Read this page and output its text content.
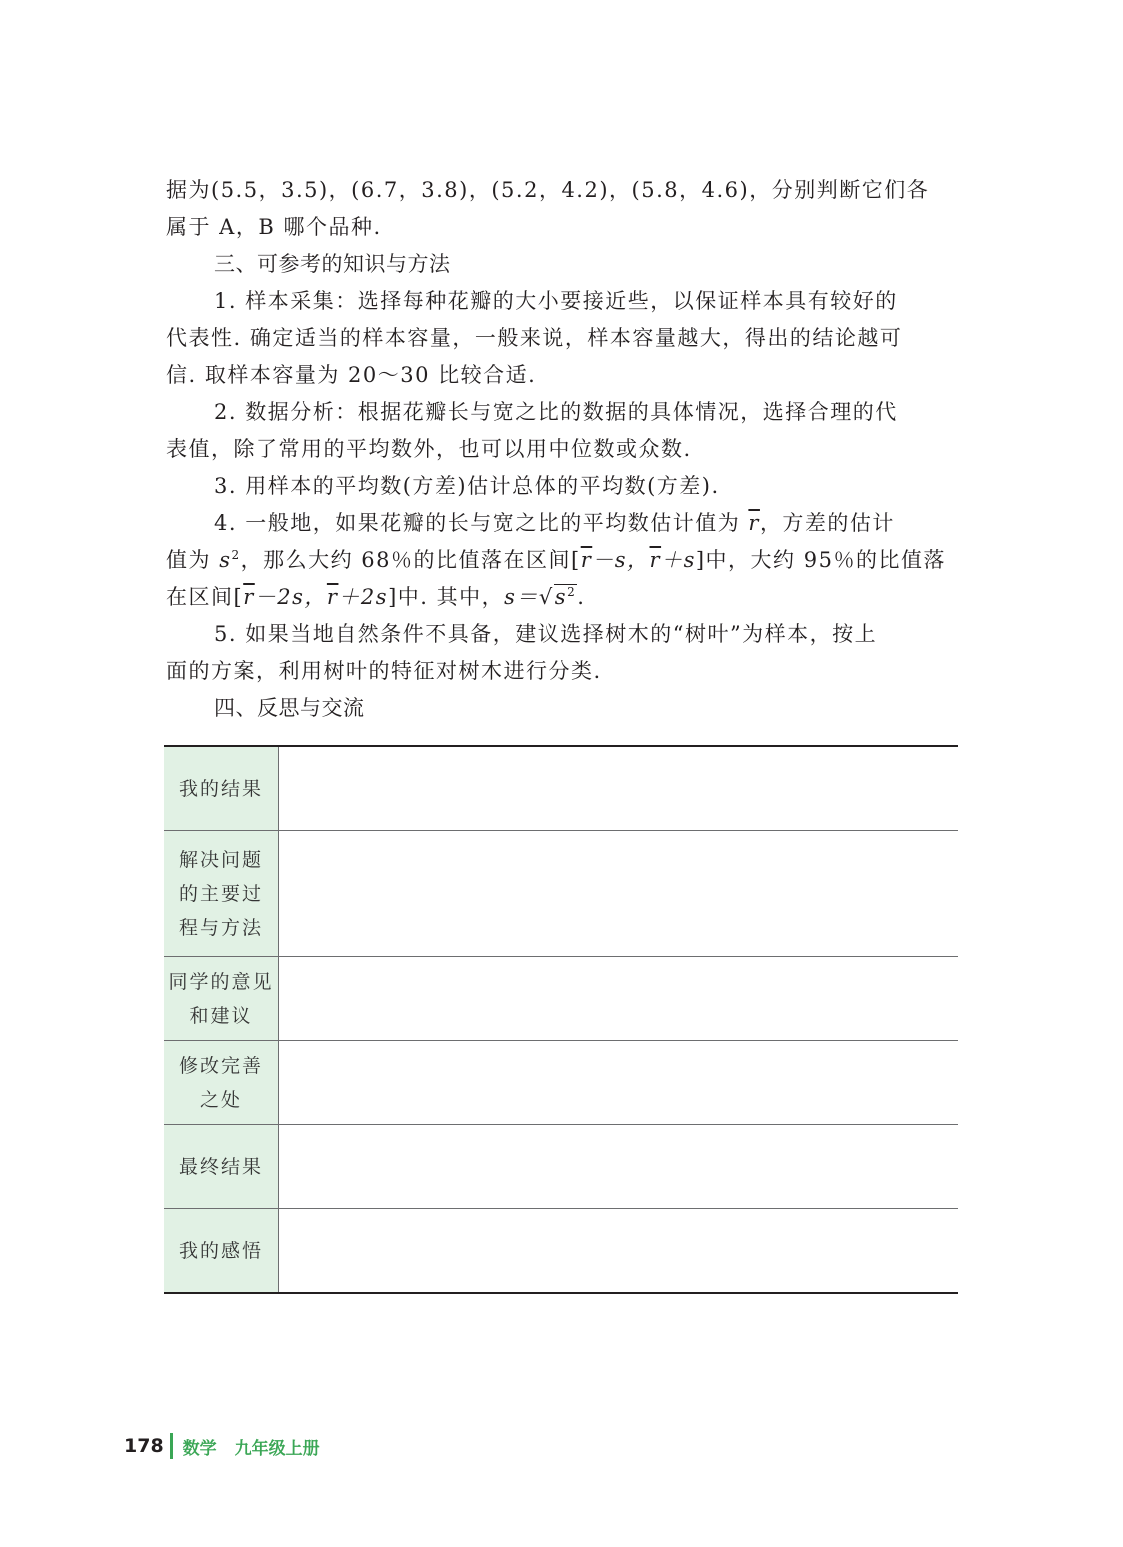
据为(5.5，3.5)，(6.7，3.8)，(5.2，4.2)，(5.8，4.6)，分别判断它们各
属于 A，B 哪个品种.
三、可参考的知识与方法
1. 样本采集：选择每种花瓣的大小要接近些，以保证样本具有较好的
代表性. 确定适当的样本容量，一般来说，样本容量越大，得出的结论越可
信. 取样本容量为 20～30 比较合适.
2. 数据分析：根据花瓣长与宽之比的数据的具体情况，选择合理的代
表值，除了常用的平均数外，也可以用中位数或众数.
3. 用样本的平均数(方差)估计总体的平均数(方差).
4. 一般地，如果花瓣的长与宽之比的平均数估计值为 $\overline{r}$，方差的估计
值为 $s^2$，那么大约 68％的比值落在区间[$\overline{r}-s$，$\overline{r}+s$]中，大约 95％的比值落
在区间[$\overline{r}-2s$，$\overline{r}+2s$]中. 其中，$s=√s^2$.
5. 如果当地自然条件不具备，建议选择树木的“树叶”为样本，按上
面的方案，利用树叶的特征对树木进行分类.
四、反思与交流
我的结果
解决问题
的主要过
程与方法
同学的意见
和建议
修改完善
之处
最终结果
我的感悟
178 数学 九年级上册
